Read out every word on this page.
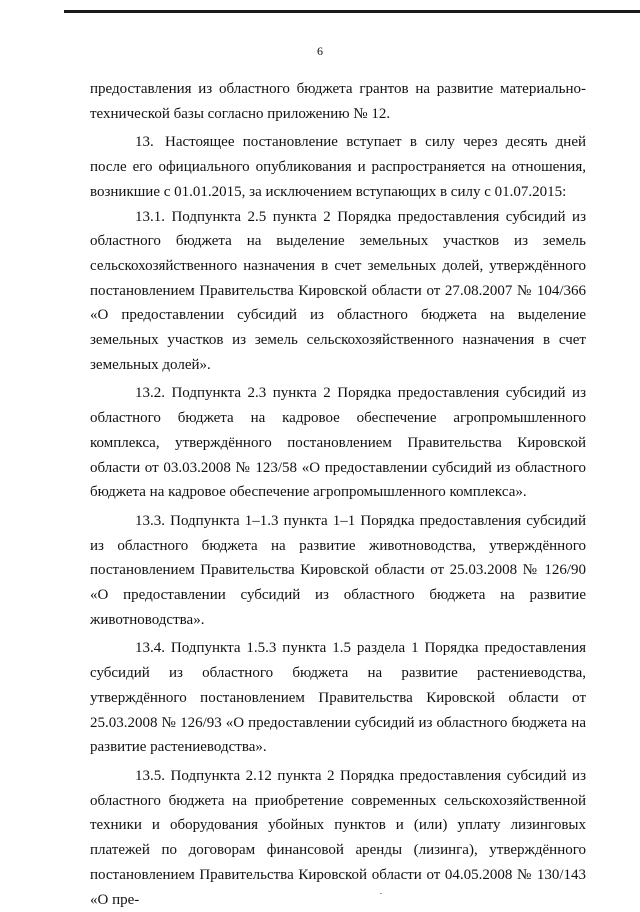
6

предоставления из областного бюджета грантов на развитие материально-технической базы согласно приложению № 12.

13. Настоящее постановление вступает в силу через десять дней после его официального опубликования и распространяется на отношения, возникшие с 01.01.2015, за исключением вступающих в силу с 01.07.2015:

13.1. Подпункта 2.5 пункта 2 Порядка предоставления субсидий из областного бюджета на выделение земельных участков из земель сельскохозяйственного назначения в счет земельных долей, утверждённого постановлением Правительства Кировской области от 27.08.2007 № 104/366 «О предоставлении субсидий из областного бюджета на выделение земельных участков из земель сельскохозяйственного назначения в счет земельных долей».

13.2. Подпункта 2.3 пункта 2 Порядка предоставления субсидий из областного бюджета на кадровое обеспечение агропромышленного комплекса, утверждённого постановлением Правительства Кировской области от 03.03.2008 № 123/58 «О предоставлении субсидий из областного бюджета на кадровое обеспечение агропромышленного комплекса».

13.3. Подпункта 1–1.3 пункта 1–1 Порядка предоставления субсидий из областного бюджета на развитие животноводства, утверждённого постановлением Правительства Кировской области от 25.03.2008 № 126/90 «О предоставлении субсидий из областного бюджета на развитие животноводства».

13.4. Подпункта 1.5.3 пункта 1.5 раздела 1 Порядка предоставления субсидий из областного бюджета на развитие растениеводства, утверждённого постановлением Правительства Кировской области от 25.03.2008 № 126/93 «О предоставлении субсидий из областного бюджета на развитие растениеводства».

13.5. Подпункта 2.12 пункта 2 Порядка предоставления субсидий из областного бюджета на приобретение современных сельскохозяйственной техники и оборудования убойных пунктов и (или) уплату лизинговых платежей по договорам финансовой аренды (лизинга), утверждённого постановлением Правительства Кировской области от 04.05.2008 № 130/143 «О пре-
